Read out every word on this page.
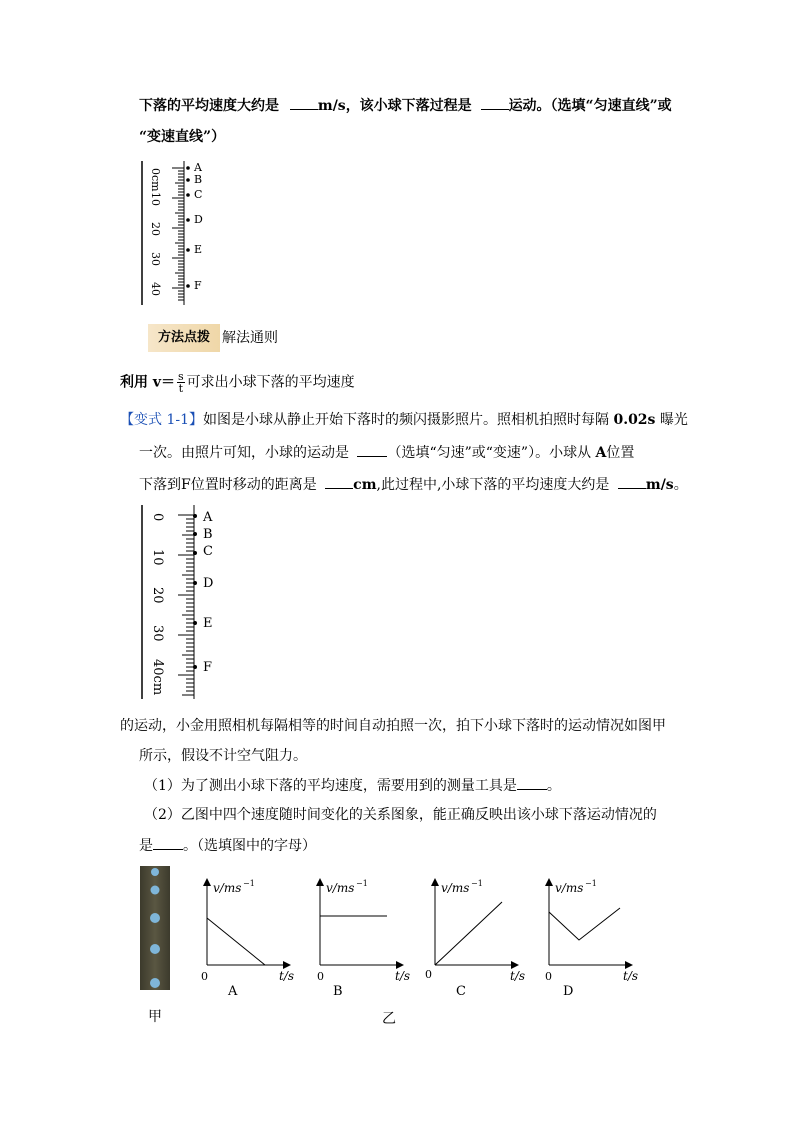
下落的平均速度大约是	m/s，该小球下落过程是	运动。（选填“匀速直线”或
“变速直线”）
0cm
10
20
30
40
A
B
C
D
E
F
方法点拨 解法通则
利用 $v= \frac{s}{t}$ 可求出小球下落的平均速度
【变式 1-1】如图是小球从静止开始下落时的频闪摄影照片。照相机拍照时每隔 0.02s 曝光
一次。由照片可知，小球的运动是	（选填“匀速”或“变速”）。小球从 A位置
下落到F位置时移动的距离是	cm,此过程中,小球下落的平均速度大约是	m/s。
0
10
20
30
40cm
A
B
C
D
E
F
的运动，小金用照相机每隔相等的时间自动拍照一次，拍下小球下落时的运动情况如图甲
所示，假设不计空气阻力。
（1）为了测出小球下落的平均速度，需要用到的测量工具是 。
（2）乙图中四个速度随时间变化的关系图象，能正确反映出该小球下落运动情况的
是 。（选填图中的字母）
甲	乙
v/ms −1
t/s
0
A
v/ms −1
t/s
0
B
v/ms −1
t/s
0
C
v/ms −1
t/s
0
D
